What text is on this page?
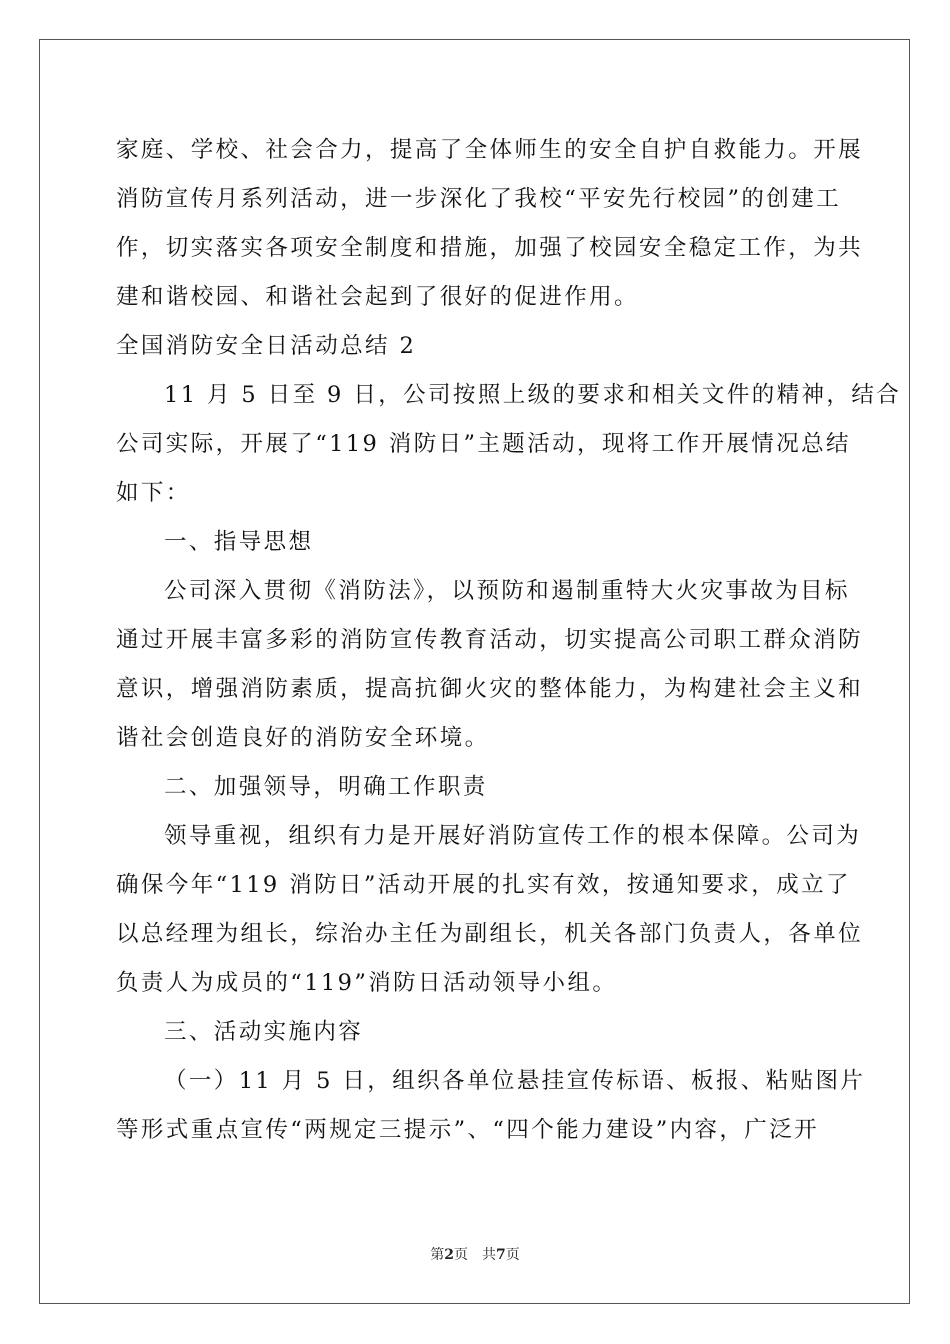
家庭、学校、社会合力，提高了全体师生的安全自护自救能力。开展
消防宣传月系列活动，进一步深化了我校“平安先行校园”的创建工
作，切实落实各项安全制度和措施，加强了校园安全稳定工作，为共
建和谐校园、和谐社会起到了很好的促进作用。
全国消防安全日活动总结 2
11 月 5 日至 9 日，公司按照上级的要求和相关文件的精神，结合
公司实际，开展了“119 消防日”主题活动，现将工作开展情况总结
如下：
一、指导思想
公司深入贯彻《消防法》，以预防和遏制重特大火灾事故为目标
通过开展丰富多彩的消防宣传教育活动，切实提高公司职工群众消防
意识，增强消防素质，提高抗御火灾的整体能力，为构建社会主义和
谐社会创造良好的消防安全环境。
二、加强领导，明确工作职责
领导重视，组织有力是开展好消防宣传工作的根本保障。公司为
确保今年“119 消防日”活动开展的扎实有效，按通知要求，成立了
以总经理为组长，综治办主任为副组长，机关各部门负责人，各单位
负责人为成员的“119”消防日活动领导小组。
三、活动实施内容
（一）11 月 5 日，组织各单位悬挂宣传标语、板报、粘贴图片
等形式重点宣传“两规定三提示”、“四个能力建设”内容，广泛开
第2页 共7页
